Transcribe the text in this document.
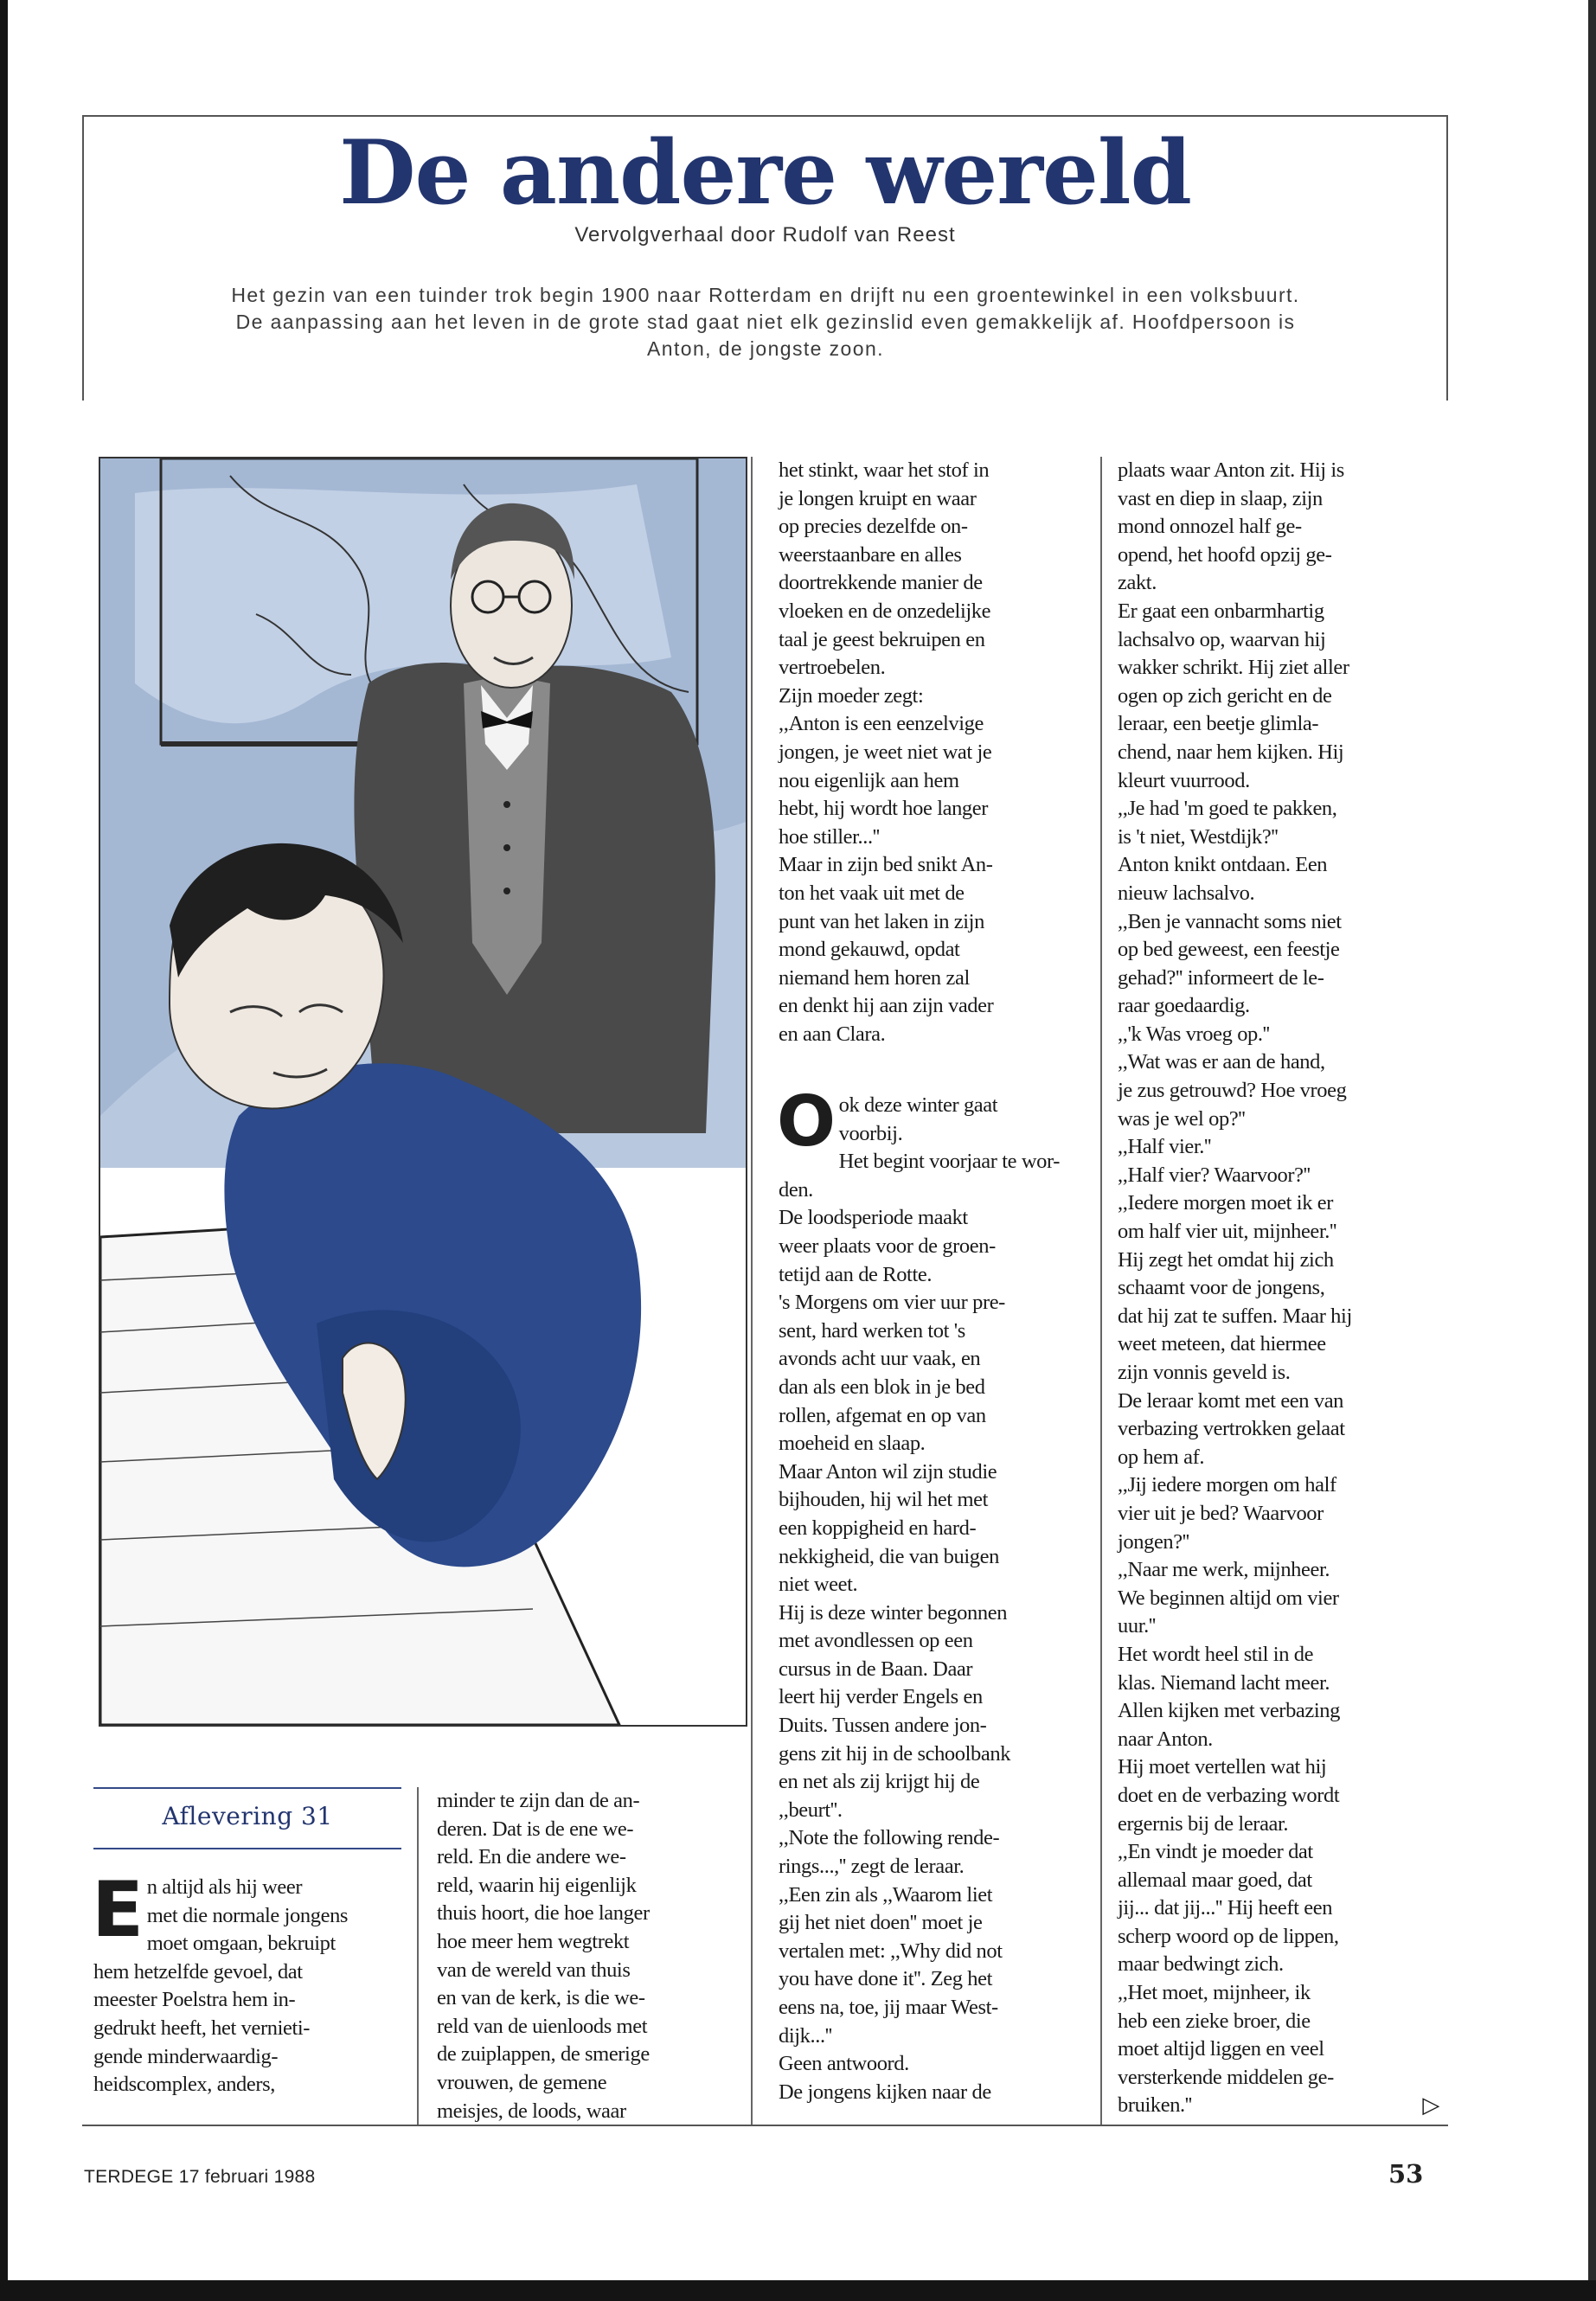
De andere wereld
Vervolgverhaal door Rudolf van Reest
Het gezin van een tuinder trok begin 1900 naar Rotterdam en drijft nu een groentewinkel in een volksbuurt. De aanpassing aan het leven in de grote stad gaat niet elk gezinslid even gemakkelijk af. Hoofdpersoon is Anton, de jongste zoon.
Aflevering 31
E n altijd als hij weer

met die normale jongens

moet omgaan, bekruipt

hem hetzelfde gevoel, dat

meester Poelstra hem in-

gedrukt heeft, het vernieti-

gende minderwaardig-

heidscomplex, anders,

minder te zijn dan de an-

deren. Dat is de ene we-

reld. En die andere we-

reld, waarin hij eigenlijk

thuis hoort, die hoe langer

hoe meer hem wegtrekt

van de wereld van thuis

en van de kerk, is die we-

reld van de uienloods met

de zuiplappen, de smerige

vrouwen, de gemene

meisjes, de loods, waar

het stinkt, waar het stof in

je longen kruipt en waar

op precies dezelfde on-

weerstaanbare en alles

doortrekkende manier de

vloeken en de onzedelijke

taal je geest bekruipen en

vertroebelen.

Zijn moeder zegt:

,,Anton is een eenzelvige

jongen, je weet niet wat je

nou eigenlijk aan hem

hebt, hij wordt hoe langer

hoe stiller...''

Maar in zijn bed snikt An-

ton het vaak uit met de

punt van het laken in zijn

mond gekauwd, opdat

niemand hem horen zal

en denkt hij aan zijn vader

en aan Clara.

O ok deze winter gaat

voorbij.

Het begint voorjaar te wor-

den.

De loodsperiode maakt

weer plaats voor de groen-

tetijd aan de Rotte.

's Morgens om vier uur pre-

sent, hard werken tot 's

avonds acht uur vaak, en

dan als een blok in je bed

rollen, afgemat en op van

moeheid en slaap.

Maar Anton wil zijn studie

bijhouden, hij wil het met

een koppigheid en hard-

nekkigheid, die van buigen

niet weet.

Hij is deze winter begonnen

met avondlessen op een

cursus in de Baan. Daar

leert hij verder Engels en

Duits. Tussen andere jon-

gens zit hij in de schoolbank

en net als zij krijgt hij de

,,beurt''.

,,Note the following rende-

rings...,'' zegt de leraar.

,,Een zin als ,,Waarom liet

gij het niet doen'' moet je

vertalen met: ,,Why did not

you have done it''. Zeg het

eens na, toe, jij maar West-

dijk...''

Geen antwoord.

De jongens kijken naar de

plaats waar Anton zit. Hij is

vast en diep in slaap, zijn

mond onnozel half ge-

opend, het hoofd opzij ge-

zakt.

Er gaat een onbarmhartig

lachsalvo op, waarvan hij

wakker schrikt. Hij ziet aller

ogen op zich gericht en de

leraar, een beetje glimla-

chend, naar hem kijken. Hij

kleurt vuurrood.

,,Je had 'm goed te pakken,

is 't niet, Westdijk?''

Anton knikt ontdaan. Een

nieuw lachsalvo.

,,Ben je vannacht soms niet

op bed geweest, een feestje

gehad?'' informeert de le-

raar goedaardig.

,,'k Was vroeg op.''

,,Wat was er aan de hand,

je zus getrouwd? Hoe vroeg

was je wel op?''

,,Half vier.''

,,Half vier? Waarvoor?''

,,Iedere morgen moet ik er

om half vier uit, mijnheer.''

Hij zegt het omdat hij zich

schaamt voor de jongens,

dat hij zat te suffen. Maar hij

weet meteen, dat hiermee

zijn vonnis geveld is.

De leraar komt met een van

verbazing vertrokken gelaat

op hem af.

,,Jij iedere morgen om half

vier uit je bed? Waarvoor

jongen?''

,,Naar me werk, mijnheer.

We beginnen altijd om vier

uur.''

Het wordt heel stil in de

klas. Niemand lacht meer.

Allen kijken met verbazing

naar Anton.

Hij moet vertellen wat hij

doet en de verbazing wordt

ergernis bij de leraar.

,,En vindt je moeder dat

allemaal maar goed, dat

jij... dat jij...'' Hij heeft een

scherp woord op de lippen,

maar bedwingt zich.

,,Het moet, mijnheer, ik

heb een zieke broer, die

moet altijd liggen en veel

versterkende middelen ge-

bruiken.''	▷

TERDEGE 17 februari 1988	53
